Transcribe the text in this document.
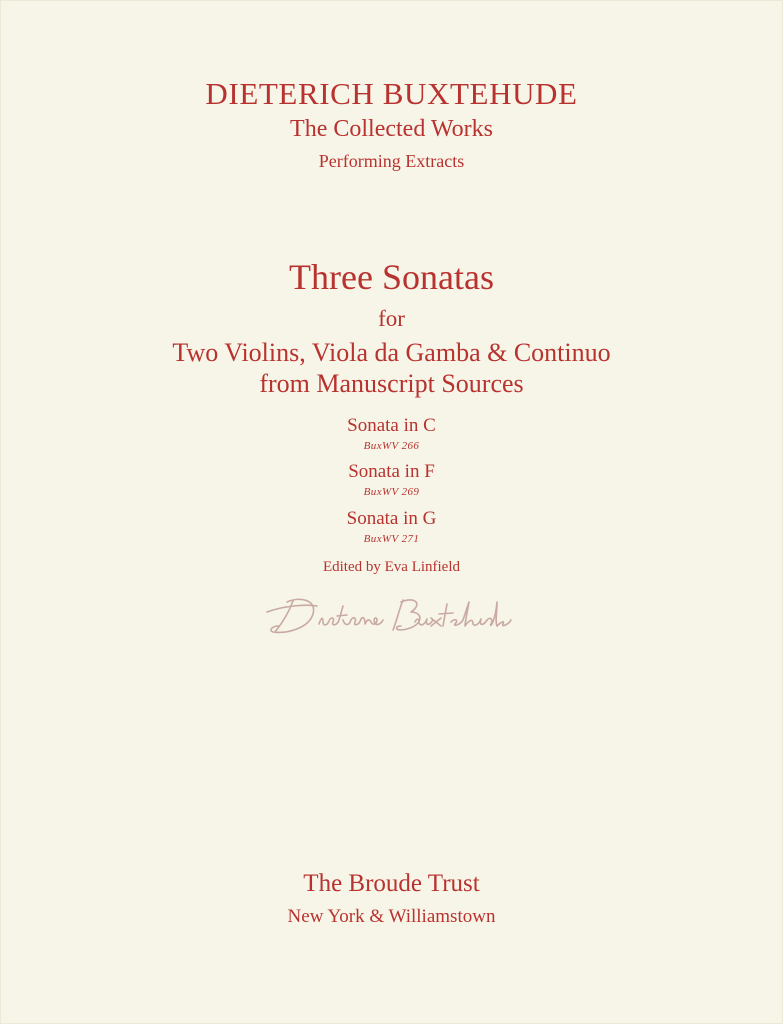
DIETERICH BUXTEHUDE
The Collected Works
Performing Extracts
Three Sonatas
for
Two Violins, Viola da Gamba & Continuo
from Manuscript Sources
Sonata in C
BuxWV 266
Sonata in F
BuxWV 269
Sonata in G
BuxWV 271
Edited by Eva Linfield
The Broude Trust
New York & Williamstown
